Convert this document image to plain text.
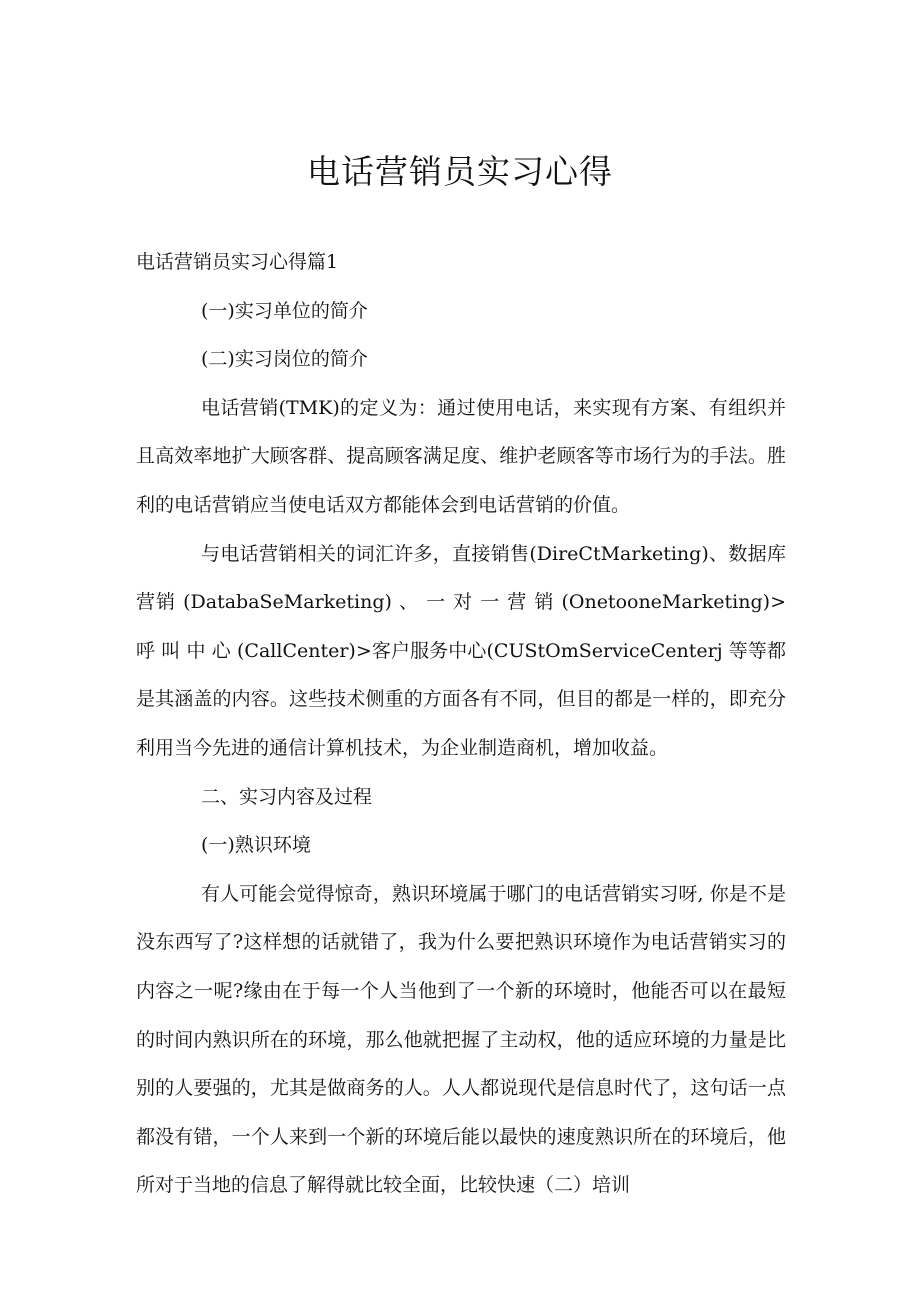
电话营销员实习心得

电话营销员实习心得篇1

(一)实习单位的简介

(二)实习岗位的简介

电话营销(TMK)的定义为：通过使用电话，来实现有方案、有组织并且高效率地扩大顾客群、提高顾客满足度、维护老顾客等市场行为的手法。胜利的电话营销应当使电话双方都能体会到电话营销的价值。

与电话营销相关的词汇许多，直接销售(DireCtMarketing)、数据库营销 (DatabaSeMarketing) 、 一 对 一 营 销 (OnetooneMarketing)> 呼 叫 中 心 (CallCenter)>客户服务中心(CUStOmServiceCenterj 等等都是其涵盖的内容。这些技术侧重的方面各有不同，但目的都是一样的，即充分利用当今先进的通信计算机技术，为企业制造商机，增加收益。

二、实习内容及过程

(一)熟识环境

有人可能会觉得惊奇，熟识环境属于哪门的电话营销实习呀, 你是不是没东西写了?这样想的话就错了，我为什么要把熟识环境作为电话营销实习的内容之一呢?缘由在于每一个人当他到了一个新的环境时，他能否可以在最短的时间内熟识所在的环境，那么他就把握了主动权，他的适应环境的力量是比别的人要强的，尤其是做商务的人。人人都说现代是信息时代了，这句话一点都没有错，一个人来到一个新的环境后能以最快的速度熟识所在的环境后，他所对于当地的信息了解得就比较全面，比较快速（二）培训
